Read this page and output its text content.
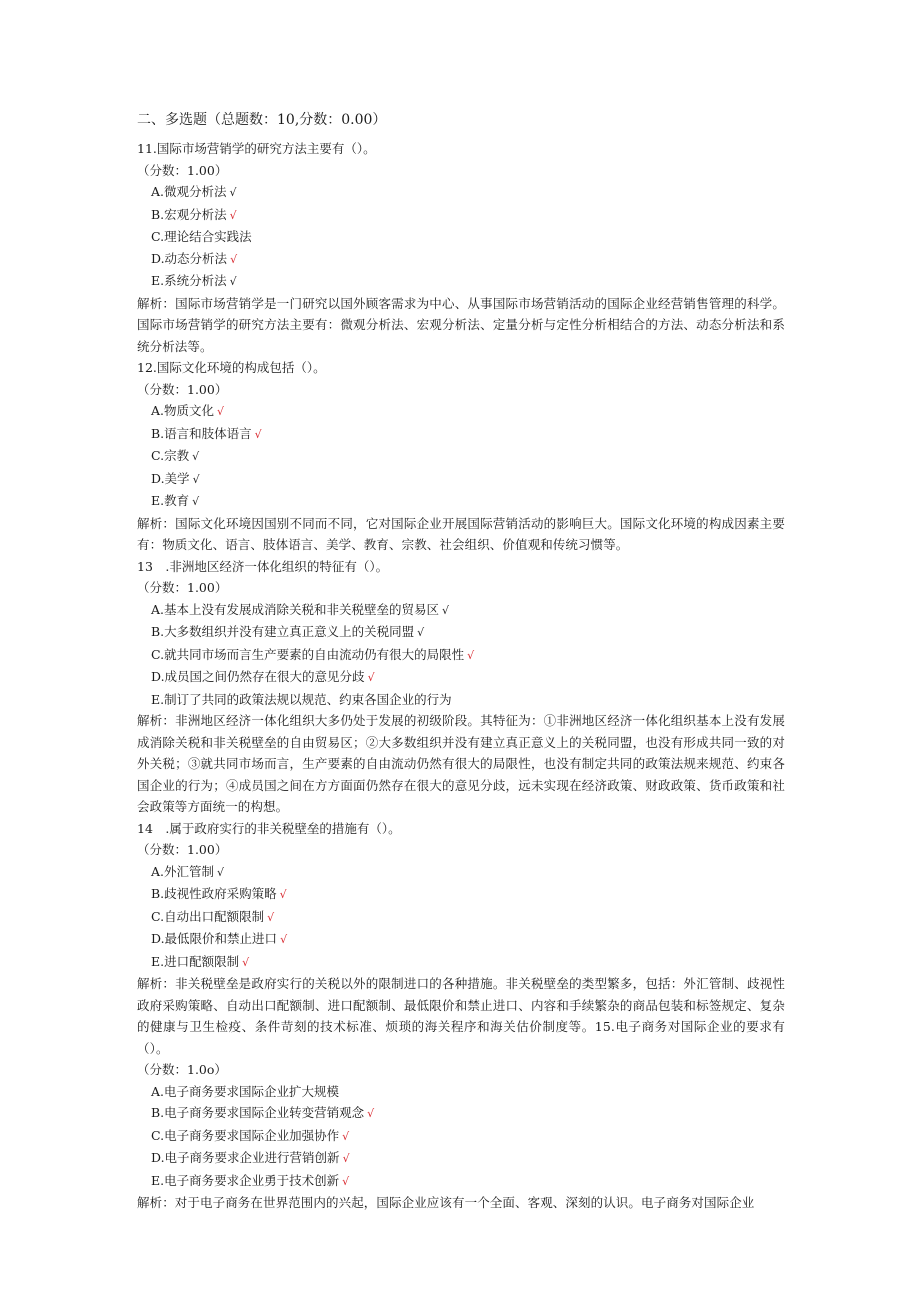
二、多选题（总题数：10,分数：0.00）
11.国际市场营销学的研究方法主要有（）。
（分数：1.00）
A.微观分析法 √
B.宏观分析法 √
C.理论结合实践法
D.动态分析法 √
E.系统分析法 √
解析：国际市场营销学是一门研究以国外顾客需求为中心、从事国际市场营销活动的国际企业经营销售管理的科学。国际市场营销学的研究方法主要有：微观分析法、宏观分析法、定量分析与定性分析相结合的方法、动态分析法和系统分析法等。
12.国际文化环境的构成包括（）。
（分数：1.00）
A.物质文化 √
B.语言和肢体语言 √
C.宗教 √
D.美学 √
E.教育 √
解析：国际文化环境因国别不同而不同，它对国际企业开展国际营销活动的影响巨大。国际文化环境的构成因素主要有：物质文化、语言、肢体语言、美学、教育、宗教、社会组织、价值观和传统习惯等。
13　.非洲地区经济一体化组织的特征有（）。
（分数：1.00）
A.基本上没有发展成消除关税和非关税壁垒的贸易区 √
B.大多数组织并没有建立真正意义上的关税同盟 √
C.就共同市场而言生产要素的自由流动仍有很大的局限性 √
D.成员国之间仍然存在很大的意见分歧 √
E.制订了共同的政策法规以规范、约束各国企业的行为
解析：非洲地区经济一体化组织大多仍处于发展的初级阶段。其特征为：①非洲地区经济一体化组织基本上没有发展成消除关税和非关税壁垒的自由贸易区；②大多数组织并没有建立真正意义上的关税同盟，也没有形成共同一致的对外关税；③就共同市场而言，生产要素的自由流动仍然有很大的局限性，也没有制定共同的政策法规来规范、约束各国企业的行为；④成员国之间在方方面面仍然存在很大的意见分歧，远未实现在经济政策、财政政策、货币政策和社会政策等方面统一的构想。
14　.属于政府实行的非关税壁垒的措施有（）。
（分数：1.00）
A.外汇管制 √
B.歧视性政府采购策略 √
C.自动出口配额限制 √
D.最低限价和禁止进口 √
E.进口配额限制 √
解析：非关税壁垒是政府实行的关税以外的限制进口的各种措施。非关税壁垒的类型繁多，包括：外汇管制、歧视性政府采购策略、自动出口配额制、进口配额制、最低限价和禁止进口、内容和手续繁杂的商品包装和标签规定、复杂的健康与卫生检疫、条件苛刻的技术标准、烦琐的海关程序和海关估价制度等。15.电子商务对国际企业的要求有（）。
（分数：1.0o）
A.电子商务要求国际企业扩大规模
B.电子商务要求国际企业转变营销观念 √
C.电子商务要求国际企业加强协作 √
D.电子商务要求企业进行营销创新 √
E.电子商务要求企业勇于技术创新 √
解析：对于电子商务在世界范围内的兴起，国际企业应该有一个全面、客观、深刻的认识。电子商务对国际企业
